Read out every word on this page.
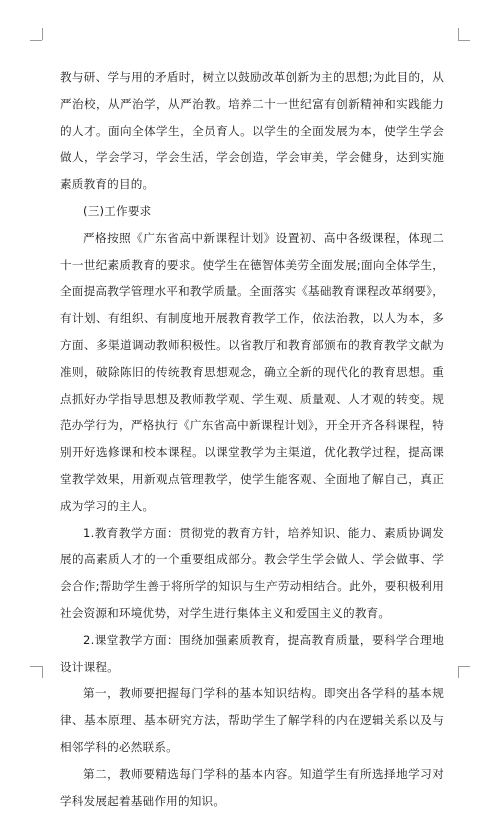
教与研、学与用的矛盾时，树立以鼓励改革创新为主的思想;为此目的，从严治校，从严治学，从严治教。培养二十一世纪富有创新精神和实践能力的人才。面向全体学生，全员育人。以学生的全面发展为本，使学生学会做人，学会学习，学会生活，学会创造，学会审美，学会健身，达到实施素质教育的目的。

(三)工作要求

严格按照《广东省高中新课程计划》设置初、高中各级课程，体现二十一世纪素质教育的要求。使学生在德智体美劳全面发展;面向全体学生，全面提高教学管理水平和教学质量。全面落实《基础教育课程改革纲要》，有计划、有组织、有制度地开展教育教学工作，依法治教，以人为本，多方面、多渠道调动教师积极性。以省教厅和教育部颁布的教育教学文献为准则，破除陈旧的传统教育思想观念，确立全新的现代化的教育思想。重点抓好办学指导思想及教师教学观、学生观、质量观、人才观的转变。规范办学行为，严格执行《广东省高中新课程计划》，开全开齐各科课程，特别开好选修课和校本课程。以课堂教学为主渠道，优化教学过程，提高课堂教学效果，用新观点管理教学，使学生能客观、全面地了解自己，真正成为学习的主人。

1.教育教学方面：贯彻党的教育方针，培养知识、能力、素质协调发展的高素质人才的一个重要组成部分。教会学生学会做人、学会做事、学会合作;帮助学生善于将所学的知识与生产劳动相结合。此外，要积极利用社会资源和环境优势，对学生进行集体主义和爱国主义的教育。

2.课堂教学方面：围绕加强素质教育，提高教育质量，要科学合理地设计课程。

第一，教师要把握每门学科的基本知识结构。即突出各学科的基本规律、基本原理、基本研究方法，帮助学生了解学科的内在逻辑关系以及与相邻学科的必然联系。

第二，教师要精选每门学科的基本内容。知道学生有所选择地学习对学科发展起着基础作用的知识。
